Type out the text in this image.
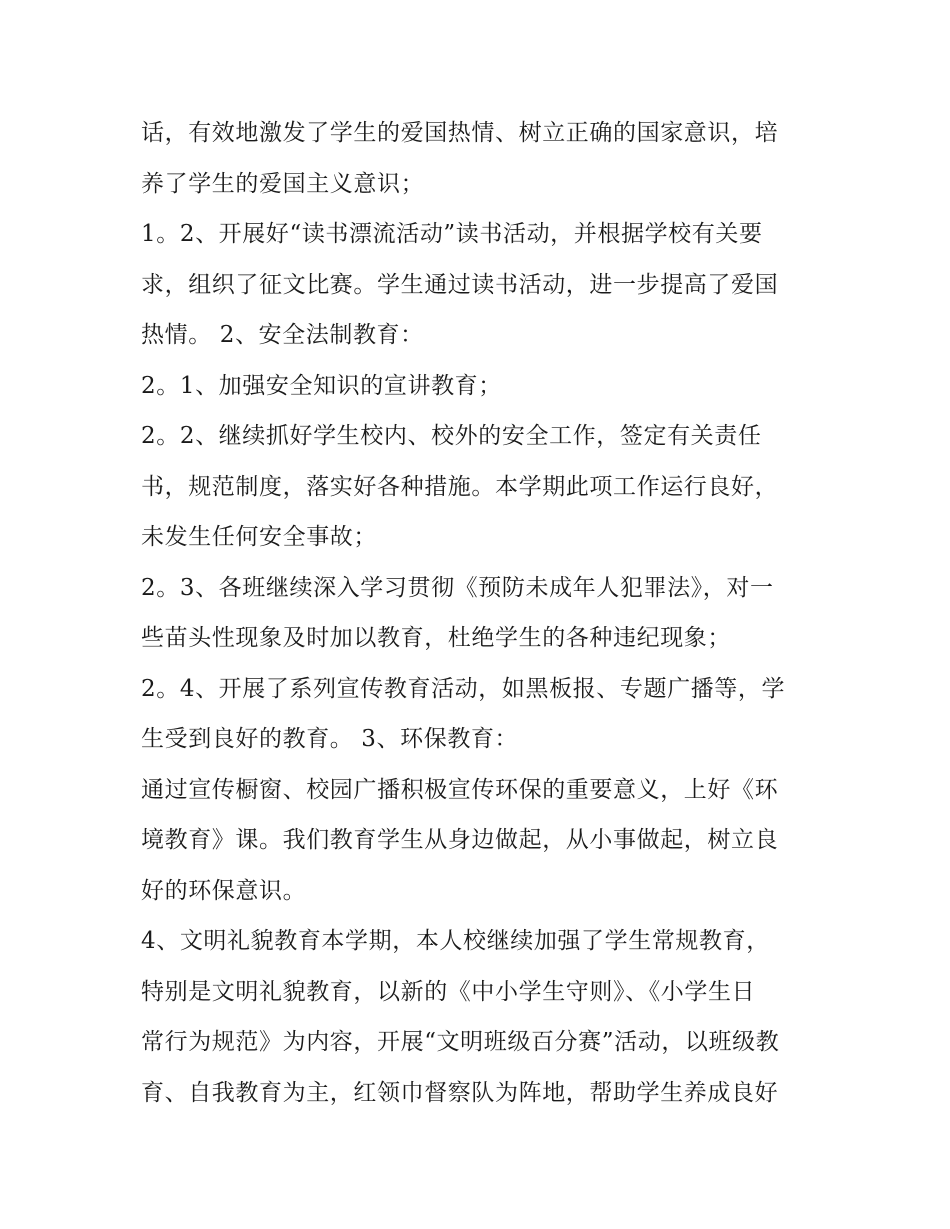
话，有效地激发了学生的爱国热情、树立正确的国家意识，培
养了学生的爱国主义意识；
1。2、开展好“读书漂流活动”读书活动，并根据学校有关要
求，组织了征文比赛。学生通过读书活动，进一步提高了爱国
热情。 2、安全法制教育：
2。1、加强安全知识的宣讲教育；
2。2、继续抓好学生校内、校外的安全工作，签定有关责任
书，规范制度，落实好各种措施。本学期此项工作运行良好，
未发生任何安全事故；
2。3、各班继续深入学习贯彻《预防未成年人犯罪法》，对一
些苗头性现象及时加以教育，杜绝学生的各种违纪现象；
2。4、开展了系列宣传教育活动，如黑板报、专题广播等，学
生受到良好的教育。 3、环保教育：
通过宣传橱窗、校园广播积极宣传环保的重要意义，上好《环
境教育》课。我们教育学生从身边做起，从小事做起，树立良
好的环保意识。
4、文明礼貌教育本学期，本人校继续加强了学生常规教育，
特别是文明礼貌教育，以新的《中小学生守则》、《小学生日
常行为规范》为内容，开展“文明班级百分赛”活动，以班级教
育、自我教育为主，红领巾督察队为阵地，帮助学生养成良好
